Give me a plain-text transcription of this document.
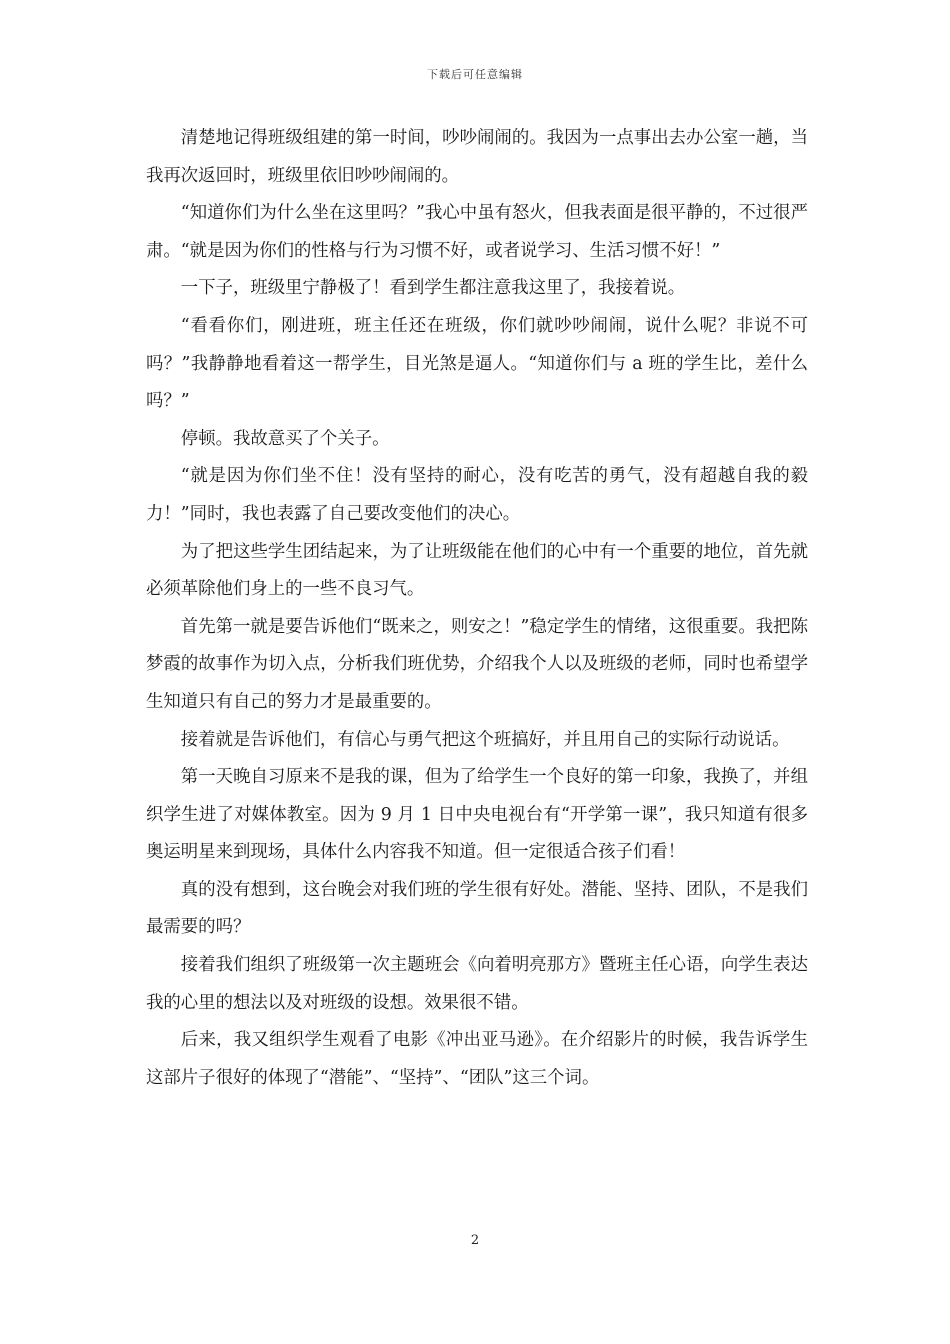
下载后可任意编辑

清楚地记得班级组建的第一时间，吵吵闹闹的。我因为一点事出去办公室一趟，当我再次返回时，班级里依旧吵吵闹闹的。

“知道你们为什么坐在这里吗？”我心中虽有怒火，但我表面是很平静的，不过很严肃。“就是因为你们的性格与行为习惯不好，或者说学习、生活习惯不好！”

一下子，班级里宁静极了！看到学生都注意我这里了，我接着说。

“看看你们，刚进班，班主任还在班级，你们就吵吵闹闹，说什么呢？非说不可吗？”我静静地看着这一帮学生，目光煞是逼人。“知道你们与 a 班的学生比，差什么吗？”

停顿。我故意买了个关子。

“就是因为你们坐不住！没有坚持的耐心，没有吃苦的勇气，没有超越自我的毅力！”同时，我也表露了自己要改变他们的决心。

为了把这些学生团结起来，为了让班级能在他们的心中有一个重要的地位，首先就必须革除他们身上的一些不良习气。

首先第一就是要告诉他们“既来之，则安之！”稳定学生的情绪，这很重要。我把陈梦霞的故事作为切入点，分析我们班优势，介绍我个人以及班级的老师，同时也希望学生知道只有自己的努力才是最重要的。

接着就是告诉他们，有信心与勇气把这个班搞好，并且用自己的实际行动说话。

第一天晚自习原来不是我的课，但为了给学生一个良好的第一印象，我换了，并组织学生进了对媒体教室。因为 9 月 1 日中央电视台有“开学第一课”，我只知道有很多奥运明星来到现场，具体什么内容我不知道。但一定很适合孩子们看！

真的没有想到，这台晚会对我们班的学生很有好处。潜能、坚持、团队，不是我们最需要的吗？

接着我们组织了班级第一次主题班会《向着明亮那方》暨班主任心语，向学生表达我的心里的想法以及对班级的设想。效果很不错。

后来，我又组织学生观看了电影《冲出亚马逊》。在介绍影片的时候，我告诉学生这部片子很好的体现了“潜能”、“坚持”、“团队”这三个词。

2
